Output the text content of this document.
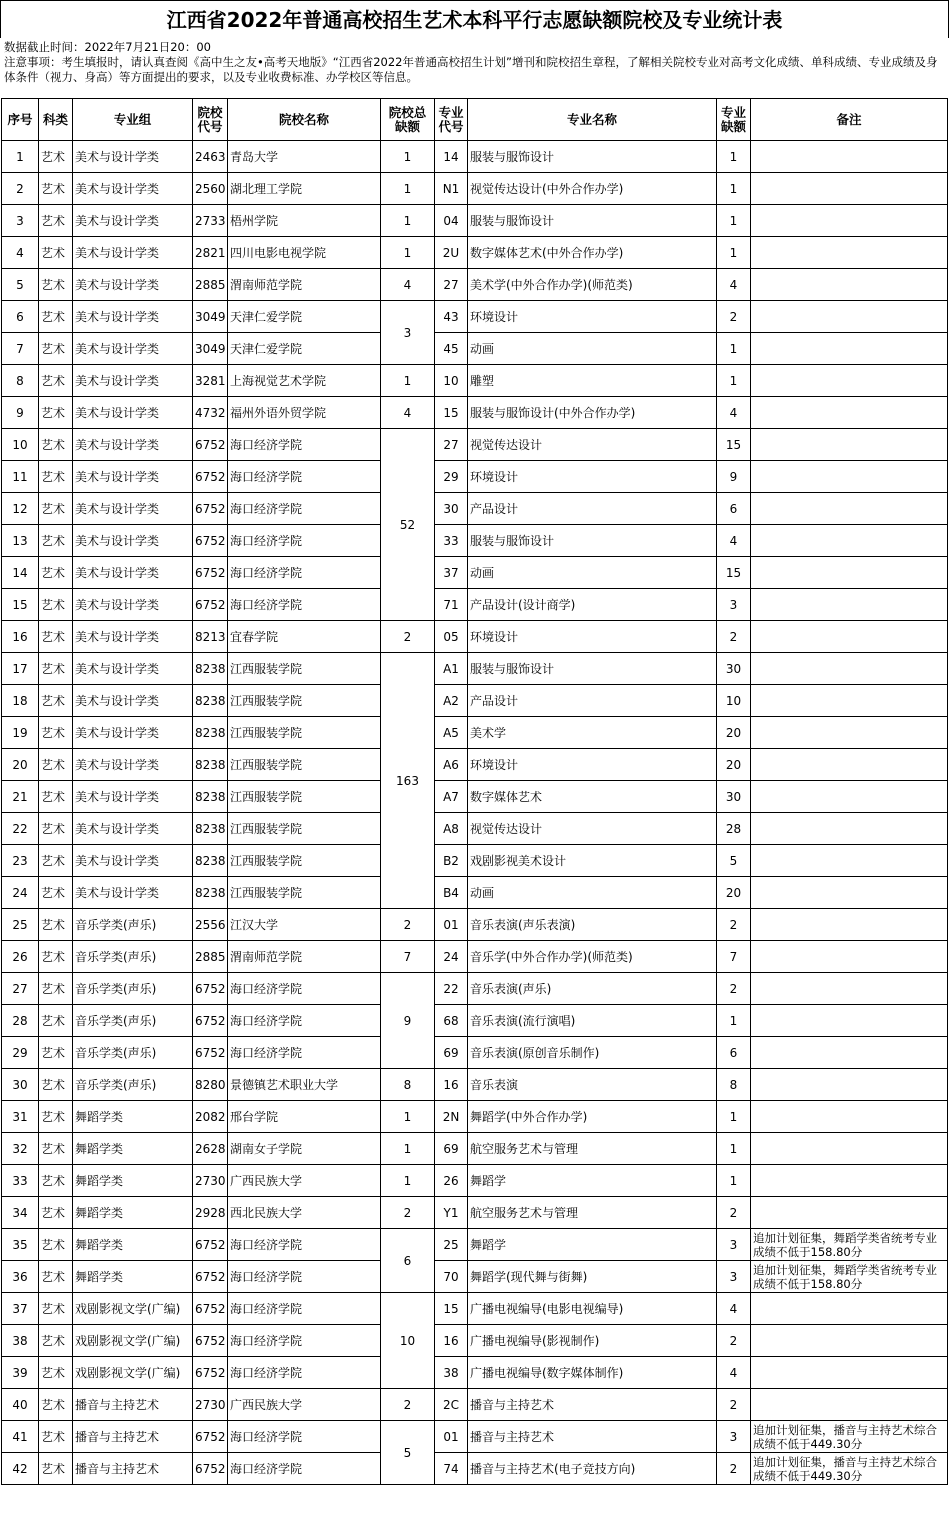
江西省2022年普通高校招生艺术本科平行志愿缺额院校及专业统计表
数据截止时间：2022年7月21日20：00
注意事项：考生填报时，请认真查阅《高中生之友•高考天地版》“江西省2022年普通高校招生计划”增刊和院校招生章程，了解相关院校专业对高考文化成绩、单科成绩、专业成绩及身体条件（视力、身高）等方面提出的要求，以及专业收费标准、办学校区等信息。
序号	科类	专业组	院校代号	院校名称	院校总缺额	专业代号	专业名称	专业缺额	备注
1	艺术	美术与设计学类	2463	青岛大学	1	14	服装与服饰设计	1	
2	艺术	美术与设计学类	2560	湖北理工学院	1	N1	视觉传达设计(中外合作办学)	1	
3	艺术	美术与设计学类	2733	梧州学院	1	04	服装与服饰设计	1	
4	艺术	美术与设计学类	2821	四川电影电视学院	1	2U	数字媒体艺术(中外合作办学)	1	
5	艺术	美术与设计学类	2885	渭南师范学院	4	27	美术学(中外合作办学)(师范类)	4	
6	艺术	美术与设计学类	3049	天津仁爱学院	3	43	环境设计	2	
7	艺术	美术与设计学类	3049	天津仁爱学院		45	动画	1	
8	艺术	美术与设计学类	3281	上海视觉艺术学院	1	10	雕塑	1	
9	艺术	美术与设计学类	4732	福州外语外贸学院	4	15	服装与服饰设计(中外合作办学)	4	
10	艺术	美术与设计学类	6752	海口经济学院	52	27	视觉传达设计	15	
11	艺术	美术与设计学类	6752	海口经济学院		29	环境设计	9	
12	艺术	美术与设计学类	6752	海口经济学院		30	产品设计	6	
13	艺术	美术与设计学类	6752	海口经济学院		33	服装与服饰设计	4	
14	艺术	美术与设计学类	6752	海口经济学院		37	动画	15	
15	艺术	美术与设计学类	6752	海口经济学院		71	产品设计(设计商学)	3	
16	艺术	美术与设计学类	8213	宜春学院	2	05	环境设计	2	
17	艺术	美术与设计学类	8238	江西服装学院	163	A1	服装与服饰设计	30	
18	艺术	美术与设计学类	8238	江西服装学院		A2	产品设计	10	
19	艺术	美术与设计学类	8238	江西服装学院		A5	美术学	20	
20	艺术	美术与设计学类	8238	江西服装学院		A6	环境设计	20	
21	艺术	美术与设计学类	8238	江西服装学院		A7	数字媒体艺术	30	
22	艺术	美术与设计学类	8238	江西服装学院		A8	视觉传达设计	28	
23	艺术	美术与设计学类	8238	江西服装学院		B2	戏剧影视美术设计	5	
24	艺术	美术与设计学类	8238	江西服装学院		B4	动画	20	
25	艺术	音乐学类(声乐)	2556	江汉大学	2	01	音乐表演(声乐表演)	2	
26	艺术	音乐学类(声乐)	2885	渭南师范学院	7	24	音乐学(中外合作办学)(师范类)	7	
27	艺术	音乐学类(声乐)	6752	海口经济学院	9	22	音乐表演(声乐)	2	
28	艺术	音乐学类(声乐)	6752	海口经济学院		68	音乐表演(流行演唱)	1	
29	艺术	音乐学类(声乐)	6752	海口经济学院		69	音乐表演(原创音乐制作)	6	
30	艺术	音乐学类(声乐)	8280	景德镇艺术职业大学	8	16	音乐表演	8	
31	艺术	舞蹈学类	2082	邢台学院	1	2N	舞蹈学(中外合作办学)	1	
32	艺术	舞蹈学类	2628	湖南女子学院	1	69	航空服务艺术与管理	1	
33	艺术	舞蹈学类	2730	广西民族大学	1	26	舞蹈学	1	
34	艺术	舞蹈学类	2928	西北民族大学	2	Y1	航空服务艺术与管理	2	
35	艺术	舞蹈学类	6752	海口经济学院	6	25	舞蹈学	3	追加计划征集，舞蹈学类省统考专业成绩不低于158.80分
36	艺术	舞蹈学类	6752	海口经济学院		70	舞蹈学(现代舞与街舞)	3	追加计划征集，舞蹈学类省统考专业成绩不低于158.80分
37	艺术	戏剧影视文学(广编)	6752	海口经济学院	10	15	广播电视编导(电影电视编导)	4	
38	艺术	戏剧影视文学(广编)	6752	海口经济学院		16	广播电视编导(影视制作)	2	
39	艺术	戏剧影视文学(广编)	6752	海口经济学院		38	广播电视编导(数字媒体制作)	4	
40	艺术	播音与主持艺术	2730	广西民族大学	2	2C	播音与主持艺术	2	
41	艺术	播音与主持艺术	6752	海口经济学院	5	01	播音与主持艺术	3	追加计划征集，播音与主持艺术综合成绩不低于449.30分
42	艺术	播音与主持艺术	6752	海口经济学院		74	播音与主持艺术(电子竞技方向)	2	追加计划征集，播音与主持艺术综合成绩不低于449.30分
